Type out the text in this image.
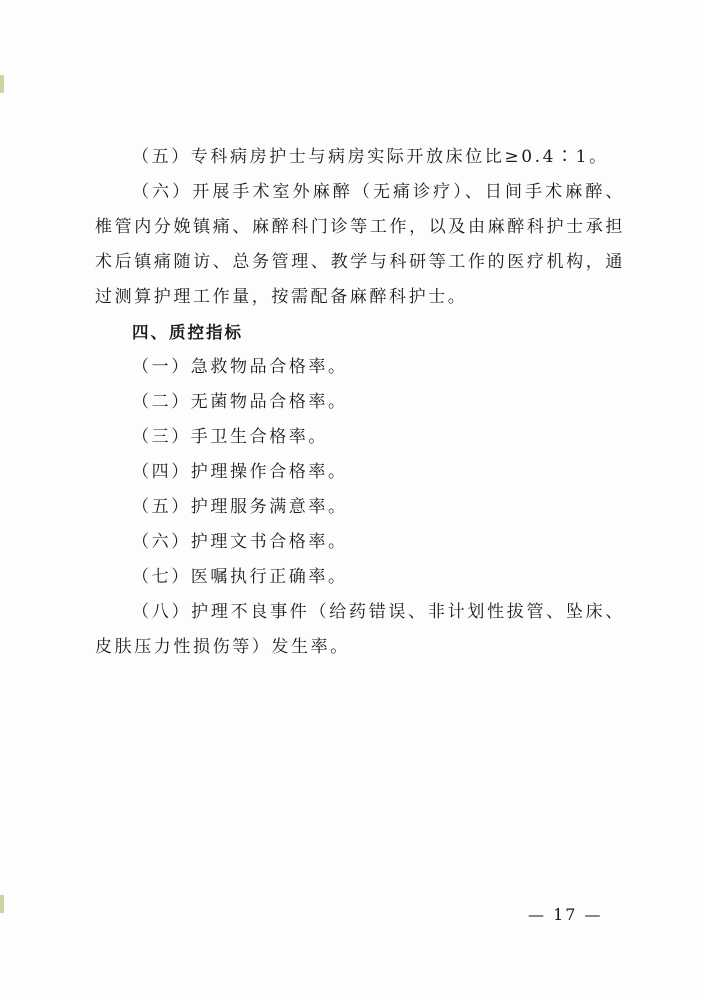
（五）专科病房护士与病房实际开放床位比≥0.4∶1。

（六）开展手术室外麻醉（无痛诊疗）、日间手术麻醉、椎管内分娩镇痛、麻醉科门诊等工作，以及由麻醉科护士承担术后镇痛随访、总务管理、教学与科研等工作的医疗机构，通过测算护理工作量，按需配备麻醉科护士。

四、质控指标

（一）急救物品合格率。

（二）无菌物品合格率。

（三）手卫生合格率。

（四）护理操作合格率。

（五）护理服务满意率。

（六）护理文书合格率。

（七）医嘱执行正确率。

（八）护理不良事件（给药错误、非计划性拔管、坠床、皮肤压力性损伤等）发生率。

— 17 —
